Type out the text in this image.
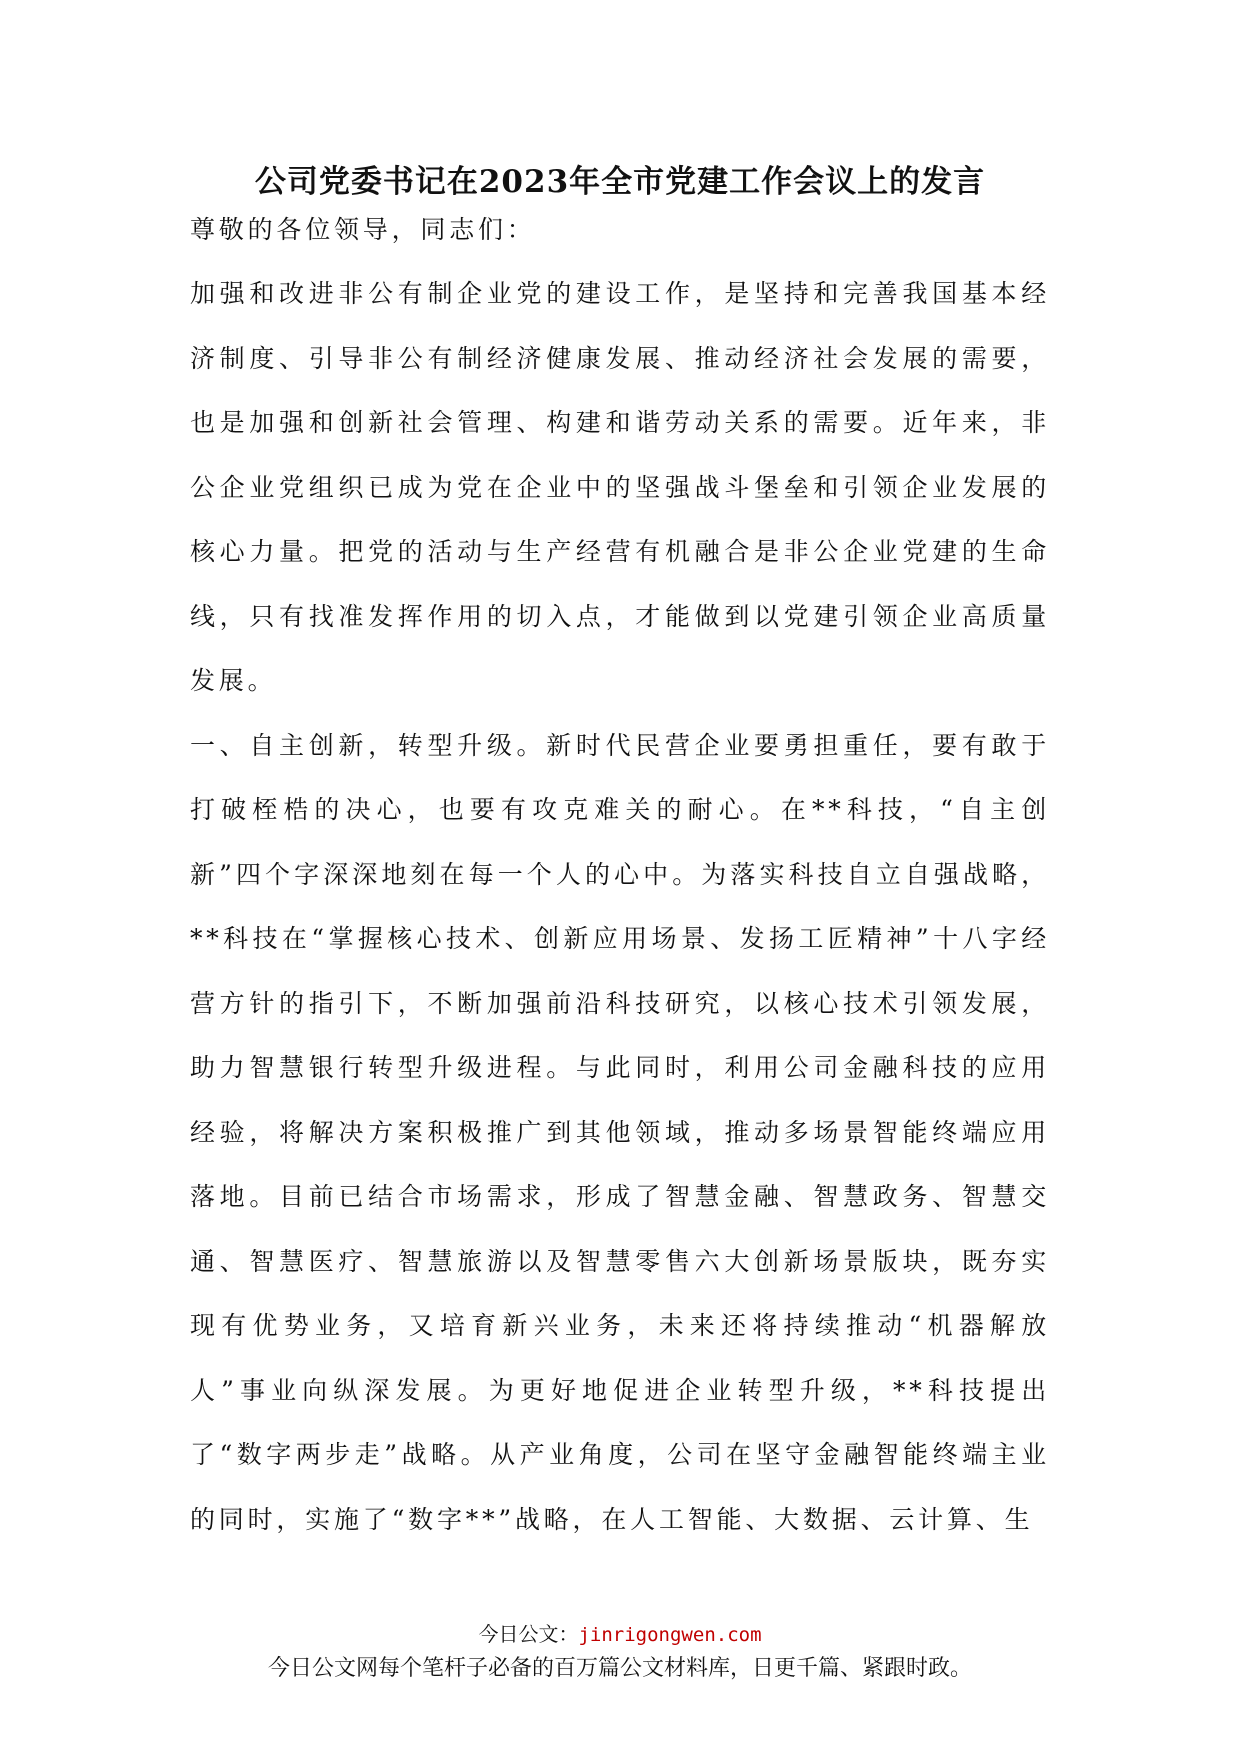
公司党委书记在2023年全市党建工作会议上的发言

尊敬的各位领导，同志们：

加强和改进非公有制企业党的建设工作，是坚持和完善我国基本经济制度、引导非公有制经济健康发展、推动经济社会发展的需要，也是加强和创新社会管理、构建和谐劳动关系的需要。近年来，非公企业党组织已成为党在企业中的坚强战斗堡垒和引领企业发展的核心力量。把党的活动与生产经营有机融合是非公企业党建的生命线，只有找准发挥作用的切入点，才能做到以党建引领企业高质量发展。

一、自主创新，转型升级。新时代民营企业要勇担重任，要有敢于打破桎梏的决心，也要有攻克难关的耐心。在**科技，“自主创新”四个字深深地刻在每一个人的心中。为落实科技自立自强战略，**科技在“掌握核心技术、创新应用场景、发扬工匠精神”十八字经营方针的指引下，不断加强前沿科技研究，以核心技术引领发展，助力智慧银行转型升级进程。与此同时，利用公司金融科技的应用经验，将解决方案积极推广到其他领域，推动多场景智能终端应用落地。目前已结合市场需求，形成了智慧金融、智慧政务、智慧交通、智慧医疗、智慧旅游以及智慧零售六大创新场景版块，既夯实现有优势业务，又培育新兴业务，未来还将持续推动“机器解放人”事业向纵深发展。为更好地促进企业转型升级，**科技提出了“数字两步走”战略。从产业角度，公司在坚守金融智能终端主业的同时，实施了“数字**”战略，在人工智能、大数据、云计算、生

今日公文：jinrigongwen.com
今日公文网每个笔杆子必备的百万篇公文材料库，日更千篇、紧跟时政。
